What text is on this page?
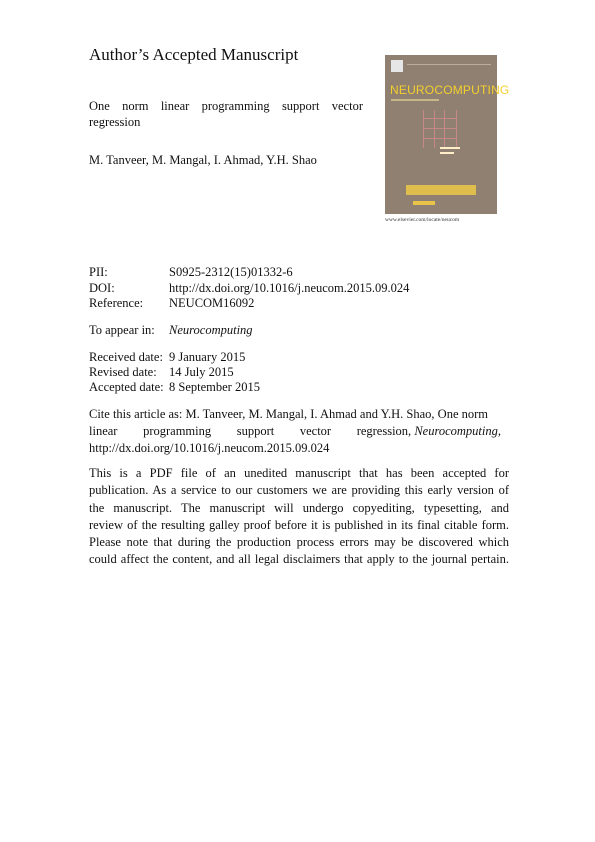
Author’s Accepted Manuscript
One norm linear programming support vector regression
M. Tanveer, M. Mangal, I. Ahmad, Y.H. Shao
NEUROCOMPUTING
www.elsevier.com/locate/neucom
PII:	S0925-2312(15)01332-6
DOI:	http://dx.doi.org/10.1016/j.neucom.2015.09.024
Reference: NEUCOM16092
To appear in: Neurocomputing
Received date: 9 January 2015
Revised date: 14 July 2015
Accepted date: 8 September 2015
Cite this article as: M. Tanveer, M. Mangal, I. Ahmad and Y.H. Shao, One norm
linear programming support vector regression, Neurocomputing,
http://dx.doi.org/10.1016/j.neucom.2015.09.024
This is a PDF file of an unedited manuscript that has been accepted for
publication. As a service to our customers we are providing this early version of
the manuscript. The manuscript will undergo copyediting, typesetting, and
review of the resulting galley proof before it is published in its final citable form.
Please note that during the production process errors may be discovered which
could affect the content, and all legal disclaimers that apply to the journal pertain.
